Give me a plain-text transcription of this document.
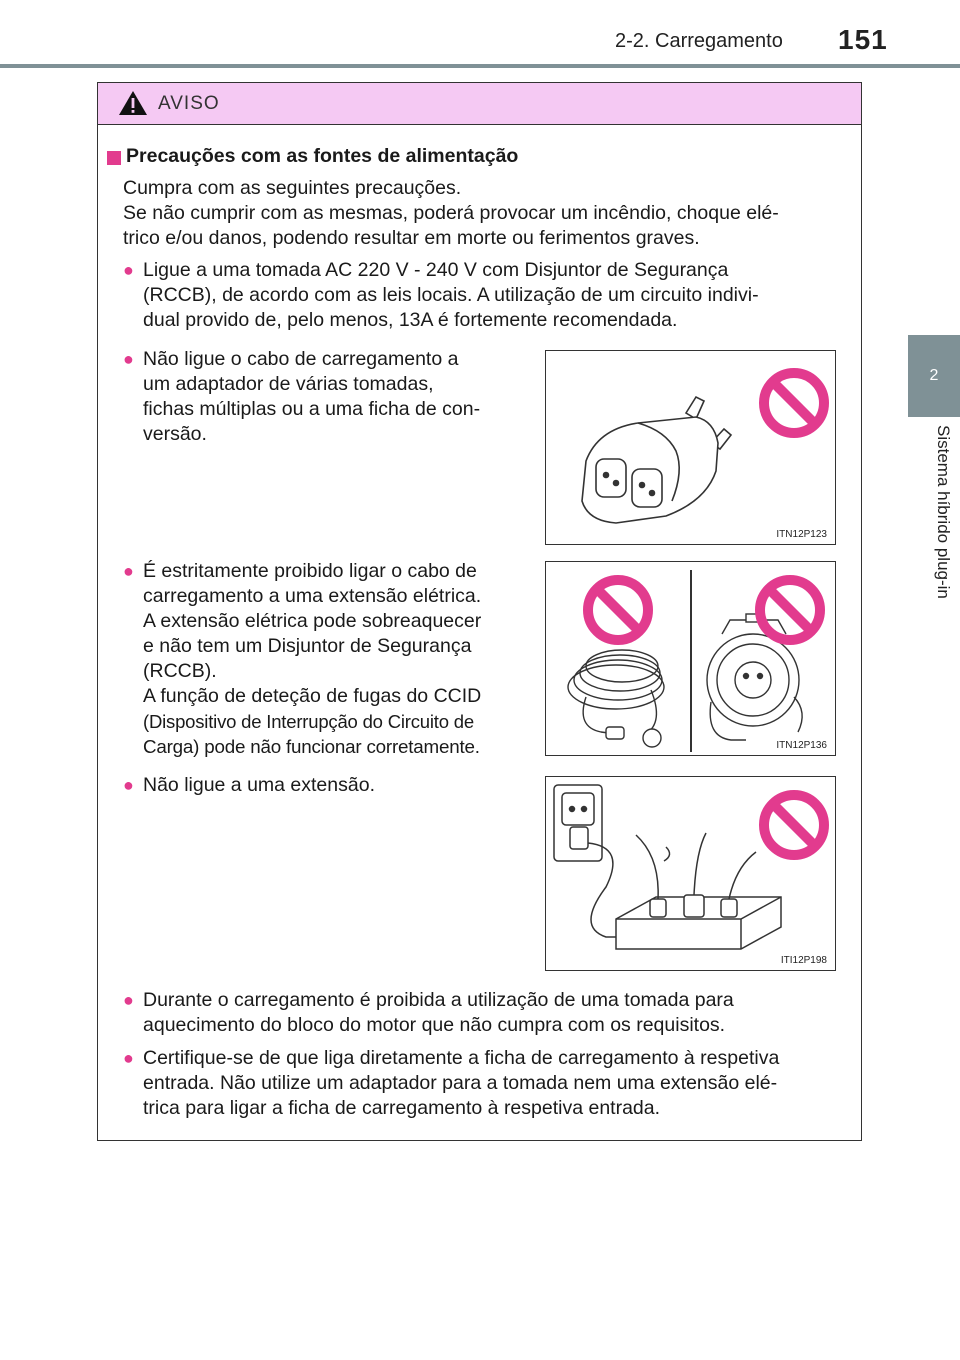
2-2. Carregamento 151
2
Sistema híbrido plug-in
AVISO
Precauções com as fontes de alimentação
Cumpra com as seguintes precauções.
Se não cumprir com as mesmas, poderá provocar um incêndio, choque elé-
trico e/ou danos, podendo resultar em morte ou ferimentos graves.
● Ligue a uma tomada AC 220 V - 240 V com Disjuntor de Segurança
(RCCB), de acordo com as leis locais. A utilização de um circuito indivi-
dual provido de, pelo menos, 13A é fortemente recomendada.
● Não ligue o cabo de carregamento a
um adaptador de várias tomadas,
fichas múltiplas ou a uma ficha de con-
versão.
ITN12P123
● É estritamente proibido ligar o cabo de
carregamento a uma extensão elétrica.
A extensão elétrica pode sobreaquecer
e não tem um Disjuntor de Segurança
(RCCB).
A função de deteção de fugas do CCID
(Dispositivo de Interrupção do Circuito de
Carga) pode não funcionar corretamente.	ITN12P136
● Não ligue a uma extensão.
ITI12P198
● Durante o carregamento é proibida a utilização de uma tomada para
aquecimento do bloco do motor que não cumpra com os requisitos.
● Certifique-se de que liga diretamente a ficha de carregamento à respetiva
entrada. Não utilize um adaptador para a tomada nem uma extensão elé-
trica para ligar a ficha de carregamento à respetiva entrada.
